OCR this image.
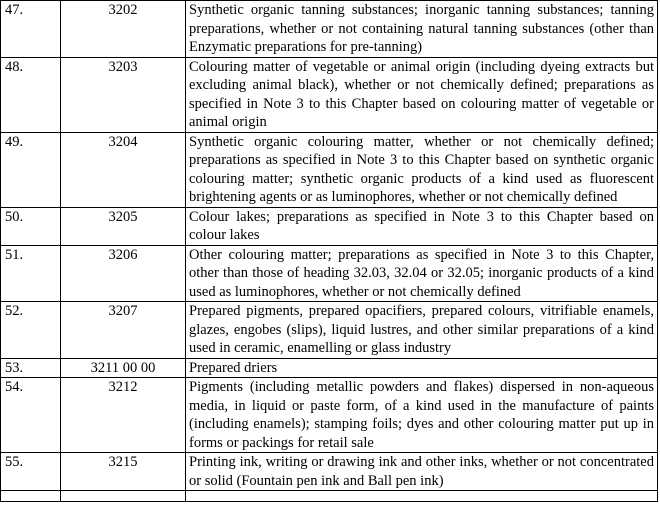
47.	3202	Synthetic organic tanning substances; inorganic tanning substances; tanning preparations, whether or not containing natural tanning substances (other than Enzymatic preparations for pre-tanning)
48.	3203	Colouring matter of vegetable or animal origin (including dyeing extracts but excluding animal black), whether or not chemically defined; preparations as specified in Note 3 to this Chapter based on colouring matter of vegetable or animal origin
49.	3204	Synthetic organic colouring matter, whether or not chemically defined; preparations as specified in Note 3 to this Chapter based on synthetic organic colouring matter; synthetic organic products of a kind used as fluorescent brightening agents or as luminophores, whether or not chemically defined
50.	3205	Colour lakes; preparations as specified in Note 3 to this Chapter based on colour lakes
51.	3206	Other colouring matter; preparations as specified in Note 3 to this Chapter, other than those of heading 32.03, 32.04 or 32.05; inorganic products of a kind used as luminophores, whether or not chemically defined
52.	3207	Prepared pigments, prepared opacifiers, prepared colours, vitrifiable enamels, glazes, engobes (slips), liquid lustres, and other similar preparations of a kind used in ceramic, enamelling or glass industry
53.	3211 00 00	Prepared driers
54.	3212	Pigments (including metallic powders and flakes) dispersed in non-aqueous media, in liquid or paste form, of a kind used in the manufacture of paints (including enamels); stamping foils; dyes and other colouring matter put up in forms or packings for retail sale
55.	3215	Printing ink, writing or drawing ink and other inks, whether or not concentrated or solid (Fountain pen ink and Ball pen ink)
